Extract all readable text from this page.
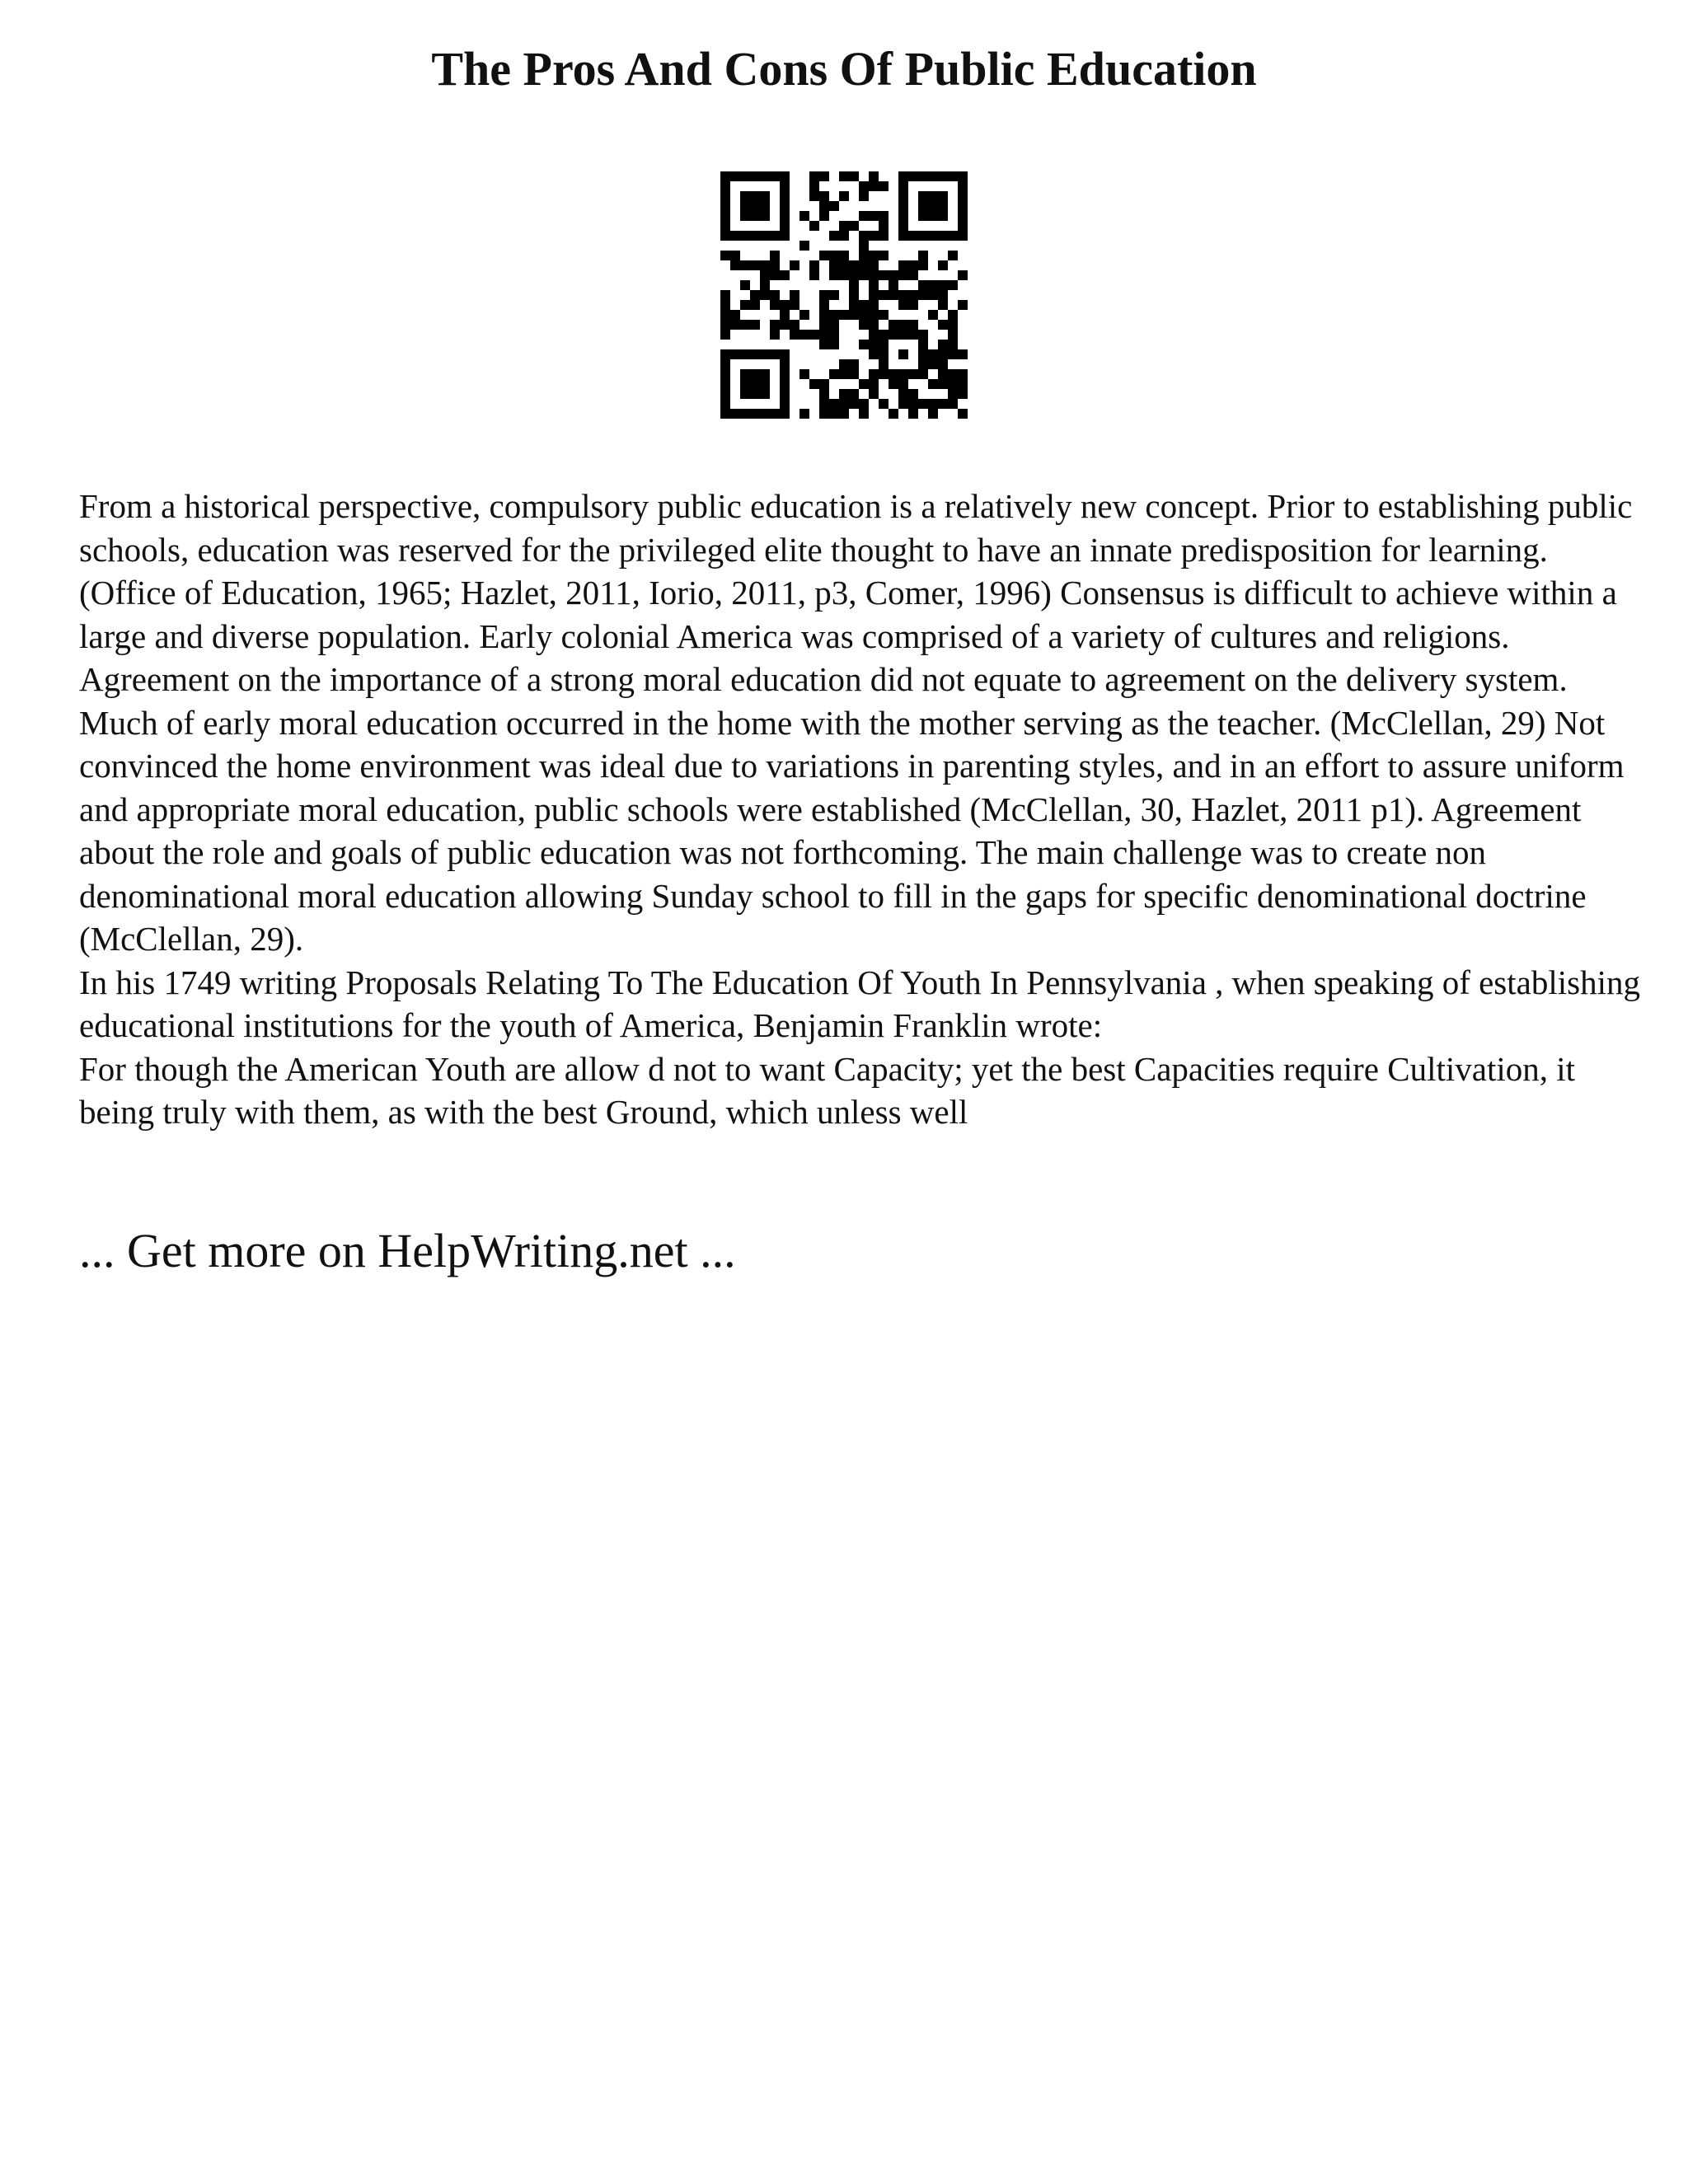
The Pros And Cons Of Public Education

From a historical perspective, compulsory public education is a relatively new concept. Prior to establishing public schools, education was reserved for the privileged elite thought to have an innate predisposition for learning. (Office of Education, 1965; Hazlet, 2011, Iorio, 2011, p3, Comer, 1996) Consensus is difficult to achieve within a large and diverse population. Early colonial America was comprised of a variety of cultures and religions. Agreement on the importance of a strong moral education did not equate to agreement on the delivery system. Much of early moral education occurred in the home with the mother serving as the teacher. (McClellan, 29) Not convinced the home environment was ideal due to variations in parenting styles, and in an effort to assure uniform and appropriate moral education, public schools were established (McClellan, 30, Hazlet, 2011 p1). Agreement about the role and goals of public education was not forthcoming. The main challenge was to create non denominational moral education allowing Sunday school to fill in the gaps for specific denominational doctrine (McClellan, 29).

In his 1749 writing Proposals Relating To The Education Of Youth In Pennsylvania , when speaking of establishing educational institutions for the youth of America, Benjamin Franklin wrote:

For though the American Youth are allow d not to want Capacity; yet the best Capacities require Cultivation, it being truly with them, as with the best Ground, which unless well

... Get more on HelpWriting.net ...
